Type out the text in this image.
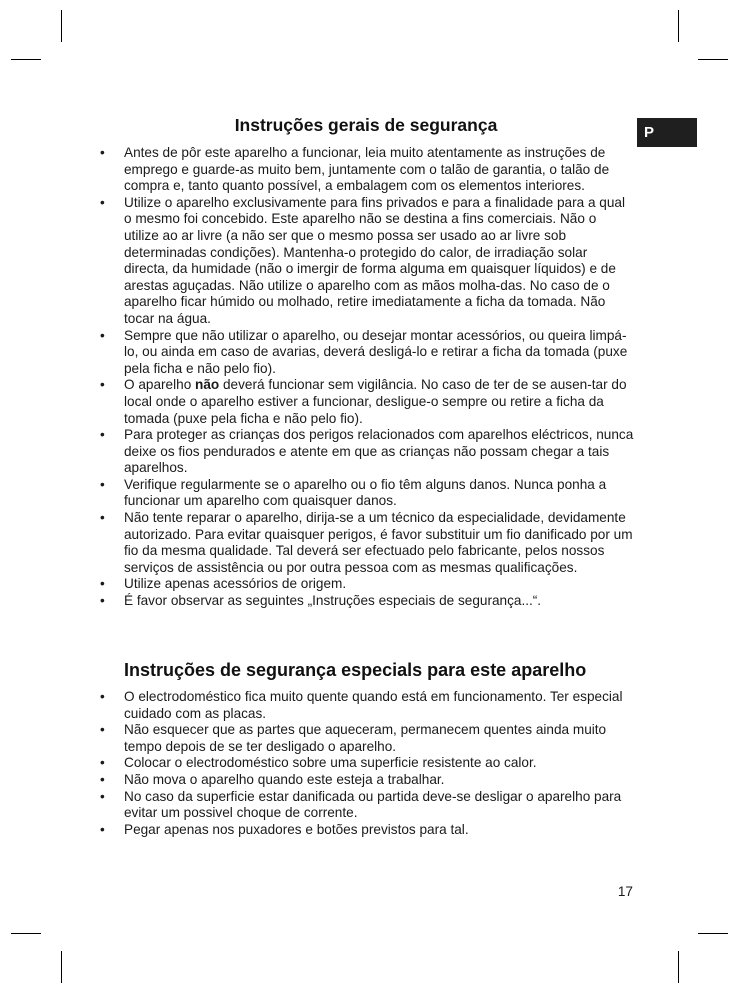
P
Instruções gerais de segurança
• Antes de pôr este aparelho a funcionar, leia muito atentamente as instruções de emprego e guarde-as muito bem, juntamente com o talão de garantia, o talão de compra e, tanto quanto possível, a embalagem com os elementos interiores.
• Utilize o aparelho exclusivamente para fins privados e para a finalidade para a qual o mesmo foi concebido. Este aparelho não se destina a fins comerciais. Não o utilize ao ar livre (a não ser que o mesmo possa ser usado ao ar livre sob determinadas condições). Mantenha-o protegido do calor, de irradiação solar directa, da humidade (não o imergir de forma alguma em quaisquer líquidos) e de arestas aguçadas. Não utilize o aparelho com as mãos molha-das. No caso de o aparelho ficar húmido ou molhado, retire imediatamente a ficha da tomada. Não tocar na água.
• Sempre que não utilizar o aparelho, ou desejar montar acessórios, ou queira limpá-lo, ou ainda em caso de avarias, deverá desligá-lo e retirar a ficha da tomada (puxe pela ficha e não pelo fio).
• O aparelho não deverá funcionar sem vigilância. No caso de ter de se ausen-tar do local onde o aparelho estiver a funcionar, desligue-o sempre ou retire a ficha da tomada (puxe pela ficha e não pelo fio).
• Para proteger as crianças dos perigos relacionados com aparelhos eléctricos, nunca deixe os fios pendurados e atente em que as crianças não possam chegar a tais aparelhos.
• Verifique regularmente se o aparelho ou o fio têm alguns danos. Nunca ponha a funcionar um aparelho com quaisquer danos.
• Não tente reparar o aparelho, dirija-se a um técnico da especialidade, devidamente autorizado. Para evitar quaisquer perigos, é favor substituir um fio danificado por um fio da mesma qualidade. Tal deverá ser efectuado pelo fabricante, pelos nossos serviços de assistência ou por outra pessoa com as mesmas qualificações.
• Utilize apenas acessórios de origem.
• É favor observar as seguintes „Instruções especiais de segurança...“.
Instruções de segurança especials para este aparelho
• O electrodoméstico fica muito quente quando está em funcionamento. Ter especial cuidado com as placas.
• Não esquecer que as partes que aqueceram, permanecem quentes ainda muito tempo depois de se ter desligado o aparelho.
• Colocar o electrodoméstico sobre uma superficie resistente ao calor.
• Não mova o aparelho quando este esteja a trabalhar.
• No caso da superficie estar danificada ou partida deve-se desligar o aparelho para evitar um possivel choque de corrente.
• Pegar apenas nos puxadores e botões previstos para tal.
17
